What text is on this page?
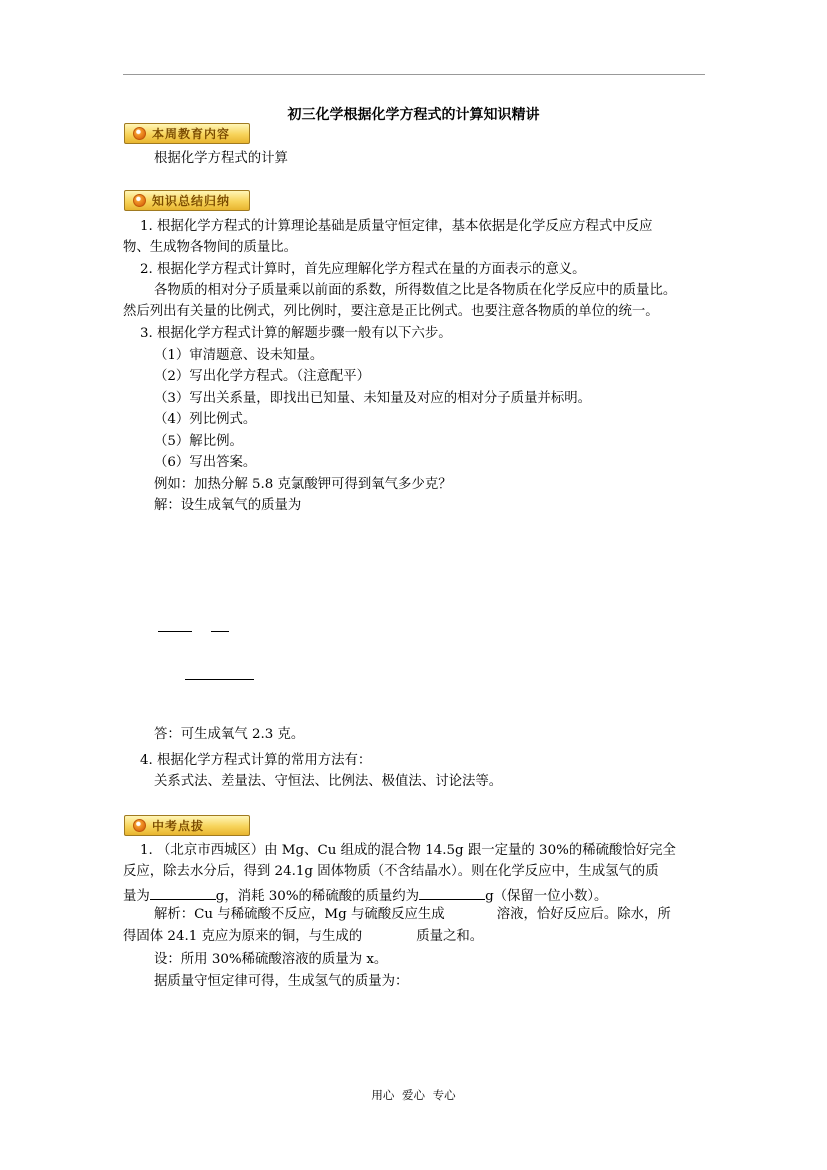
初三化学根据化学方程式的计算知识精讲
本周教育内容
根据化学方程式的计算
知识总结归纳
1. 根据化学方程式的计算理论基础是质量守恒定律，基本依据是化学反应方程式中反应
物、生成物各物间的质量比。
2. 根据化学方程式计算时，首先应理解化学方程式在量的方面表示的意义。
各物质的相对分子质量乘以前面的系数，所得数值之比是各物质在化学反应中的质量比。
然后列出有关量的比例式，列比例时，要注意是正比例式。也要注意各物质的单位的统一。
3. 根据化学方程式计算的解题步骤一般有以下六步。
（1）审清题意、设未知量。
（2）写出化学方程式。（注意配平）
（3）写出关系量，即找出已知量、未知量及对应的相对分子质量并标明。
（4）列比例式。
（5）解比例。
（6）写出答案。
例如：加热分解 5.8 克氯酸钾可得到氧气多少克？
解：设生成氧气的质量为
答：可生成氧气 2.3 克。
4. 根据化学方程式计算的常用方法有：
关系式法、差量法、守恒法、比例法、极值法、讨论法等。
中考点拔
1. （北京市西城区）由 Mg、Cu 组成的混合物 14.5g 跟一定量的 30%的稀硫酸恰好完全
反应，除去水分后，得到 24.1g 固体物质（不含结晶水）。则在化学反应中，生成氢气的质
量为	g，消耗 30%的稀硫酸的质量约为	g（保留一位小数）。
解析：Cu 与稀硫酸不反应，Mg 与硫酸反应生成	溶液，恰好反应后。除水，所
得固体 24.1 克应为原来的铜，与生成的	质量之和。
设：所用 30%稀硫酸溶液的质量为 x。
据质量守恒定律可得，生成氢气的质量为：
用心 爱心 专心
